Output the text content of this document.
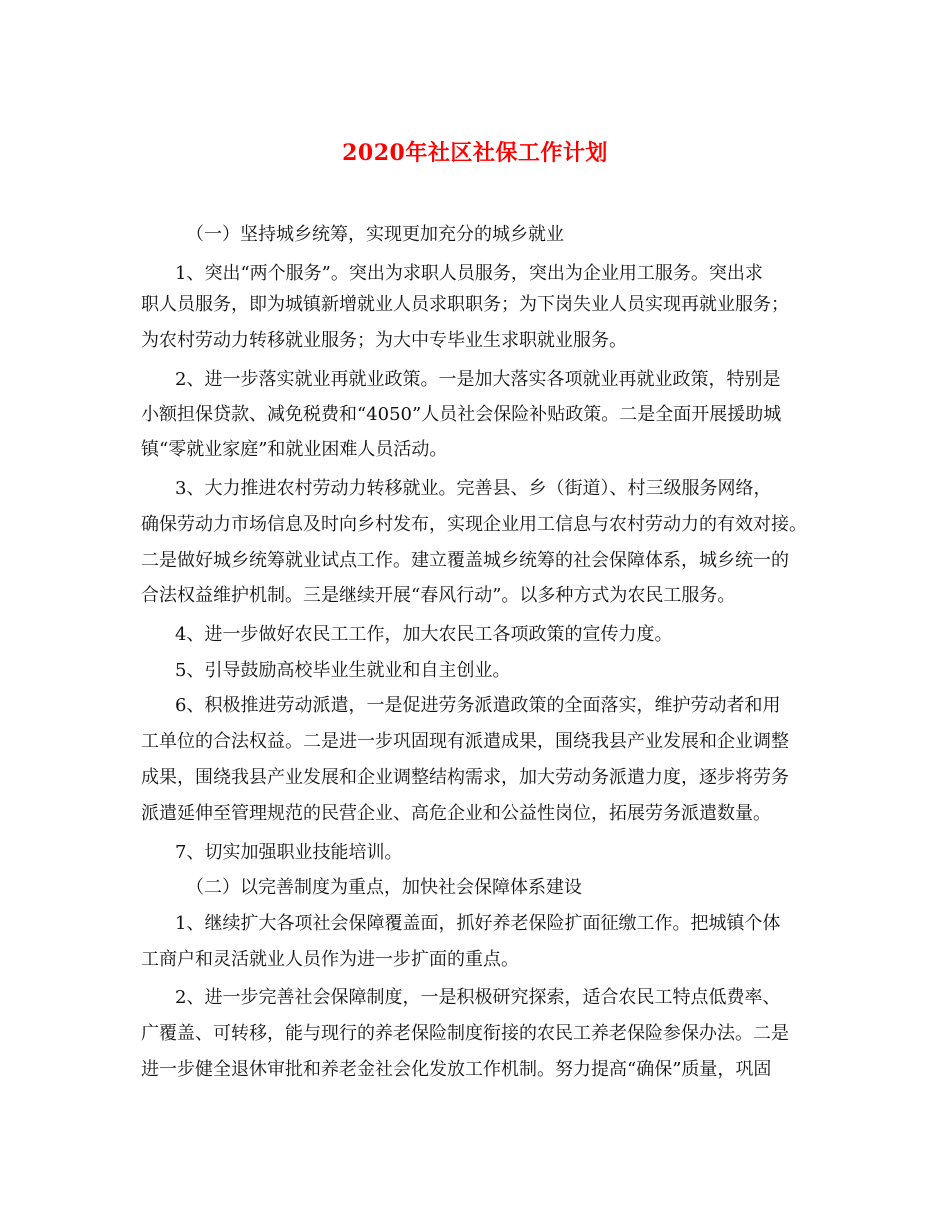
2020年社区社保工作计划
（一）坚持城乡统筹，实现更加充分的城乡就业
1、突出“两个服务”。突出为求职人员服务，突出为企业用工服务。突出求
职人员服务，即为城镇新增就业人员求职职务；为下岗失业人员实现再就业服务；
为农村劳动力转移就业服务；为大中专毕业生求职就业服务。
2、进一步落实就业再就业政策。一是加大落实各项就业再就业政策，特别是
小额担保贷款、减免税费和“4050”人员社会保险补贴政策。二是全面开展援助城
镇“零就业家庭”和就业困难人员活动。
3、大力推进农村劳动力转移就业。完善县、乡（街道）、村三级服务网络，
确保劳动力市场信息及时向乡村发布，实现企业用工信息与农村劳动力的有效对接。
二是做好城乡统筹就业试点工作。建立覆盖城乡统筹的社会保障体系，城乡统一的
合法权益维护机制。三是继续开展“春风行动”。以多种方式为农民工服务。
4、进一步做好农民工工作，加大农民工各项政策的宣传力度。
5、引导鼓励高校毕业生就业和自主创业。
6、积极推进劳动派遣，一是促进劳务派遣政策的全面落实，维护劳动者和用
工单位的合法权益。二是进一步巩固现有派遣成果，围绕我县产业发展和企业调整
成果，围绕我县产业发展和企业调整结构需求，加大劳动务派遣力度，逐步将劳务
派遣延伸至管理规范的民营企业、高危企业和公益性岗位，拓展劳务派遣数量。
7、切实加强职业技能培训。
（二）以完善制度为重点，加快社会保障体系建设
1、继续扩大各项社会保障覆盖面，抓好养老保险扩面征缴工作。把城镇个体
工商户和灵活就业人员作为进一步扩面的重点。
2、进一步完善社会保障制度，一是积极研究探索，适合农民工特点低费率、
广覆盖、可转移，能与现行的养老保险制度衔接的农民工养老保险参保办法。二是
进一步健全退休审批和养老金社会化发放工作机制。努力提高“确保”质量，巩固
